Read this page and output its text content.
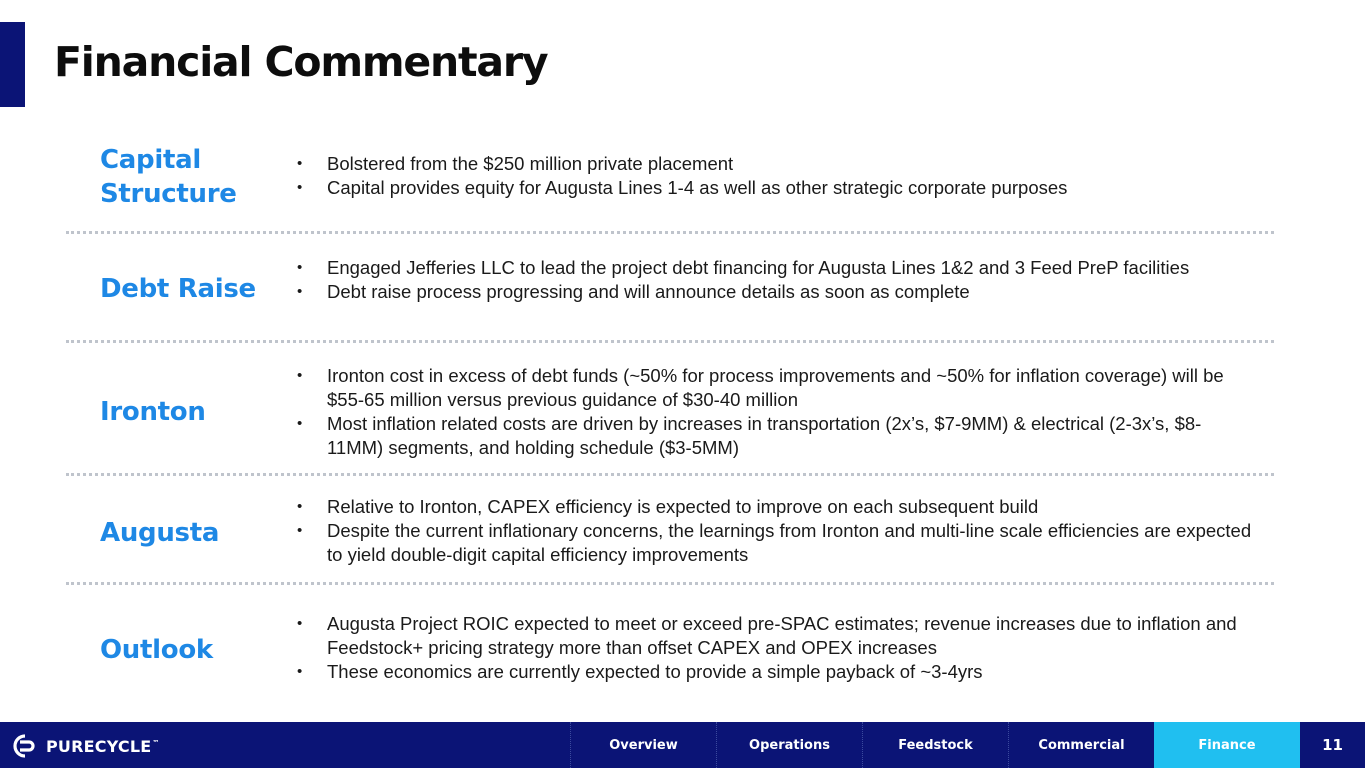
Financial Commentary
Capital
Structure
• Bolstered from the $250 million private placement
• Capital provides equity for Augusta Lines 1-4 as well as other strategic corporate purposes
Debt Raise
• Engaged Jefferies LLC to lead the project debt financing for Augusta Lines 1&2 and 3 Feed PreP facilities
• Debt raise process progressing and will announce details as soon as complete
Ironton
• Ironton cost in excess of debt funds (~50% for process improvements and ~50% for inflation coverage) will be $55-65 million versus previous guidance of $30-40 million
• Most inflation related costs are driven by increases in transportation (2x’s, $7-9MM) & electrical (2-3x’s, $8-11MM) segments, and holding schedule ($3-5MM)
Augusta
• Relative to Ironton, CAPEX efficiency is expected to improve on each subsequent build
• Despite the current inflationary concerns, the learnings from Ironton and multi-line scale efficiencies are expected to yield double-digit capital efficiency improvements
Outlook
• Augusta Project ROIC expected to meet or exceed pre-SPAC estimates; revenue increases due to inflation and Feedstock+ pricing strategy more than offset CAPEX and OPEX increases
• These economics are currently expected to provide a simple payback of ~3-4yrs
PURECYCLE™	Overview	Operations	Feedstock	Commercial	Finance	11
